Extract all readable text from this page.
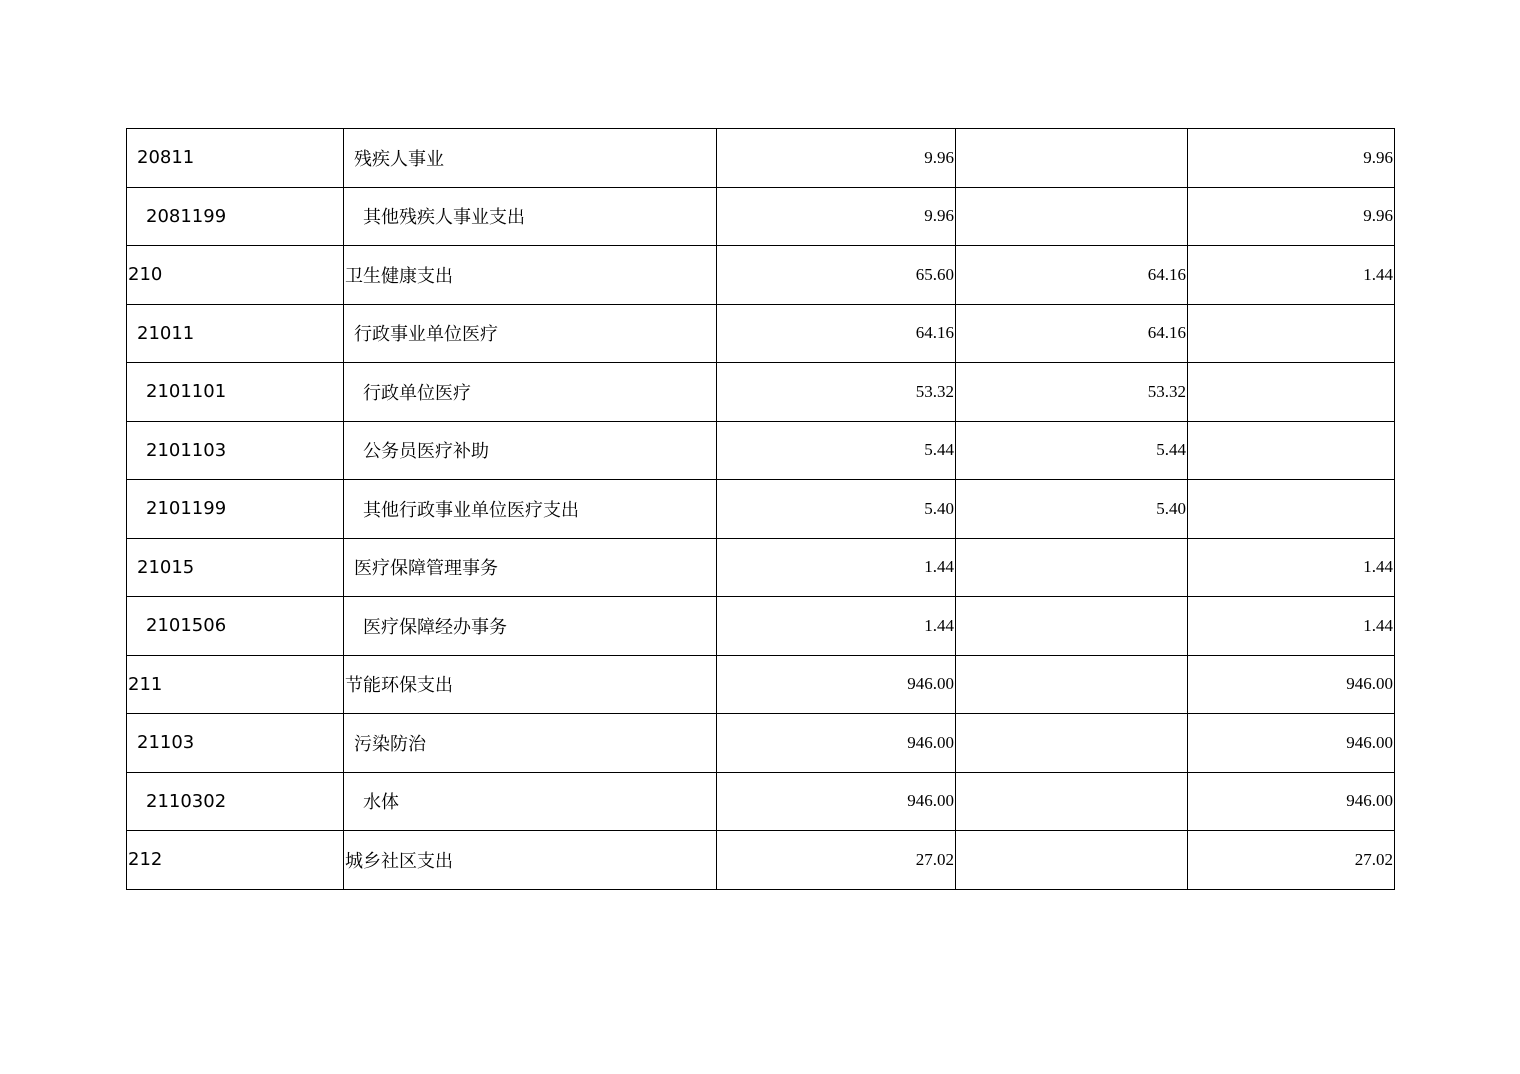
20811	残疾人事业	9.96		9.96
2081199	其他残疾人事业支出	9.96		9.96
210	卫生健康支出	65.60	64.16	1.44
21011	行政事业单位医疗	64.16	64.16	
2101101	行政单位医疗	53.32	53.32	
2101103	公务员医疗补助	5.44	5.44	
2101199	其他行政事业单位医疗支出	5.40	5.40	
21015	医疗保障管理事务	1.44		1.44
2101506	医疗保障经办事务	1.44		1.44
211	节能环保支出	946.00		946.00
21103	污染防治	946.00		946.00
2110302	水体	946.00		946.00
212	城乡社区支出	27.02		27.02
